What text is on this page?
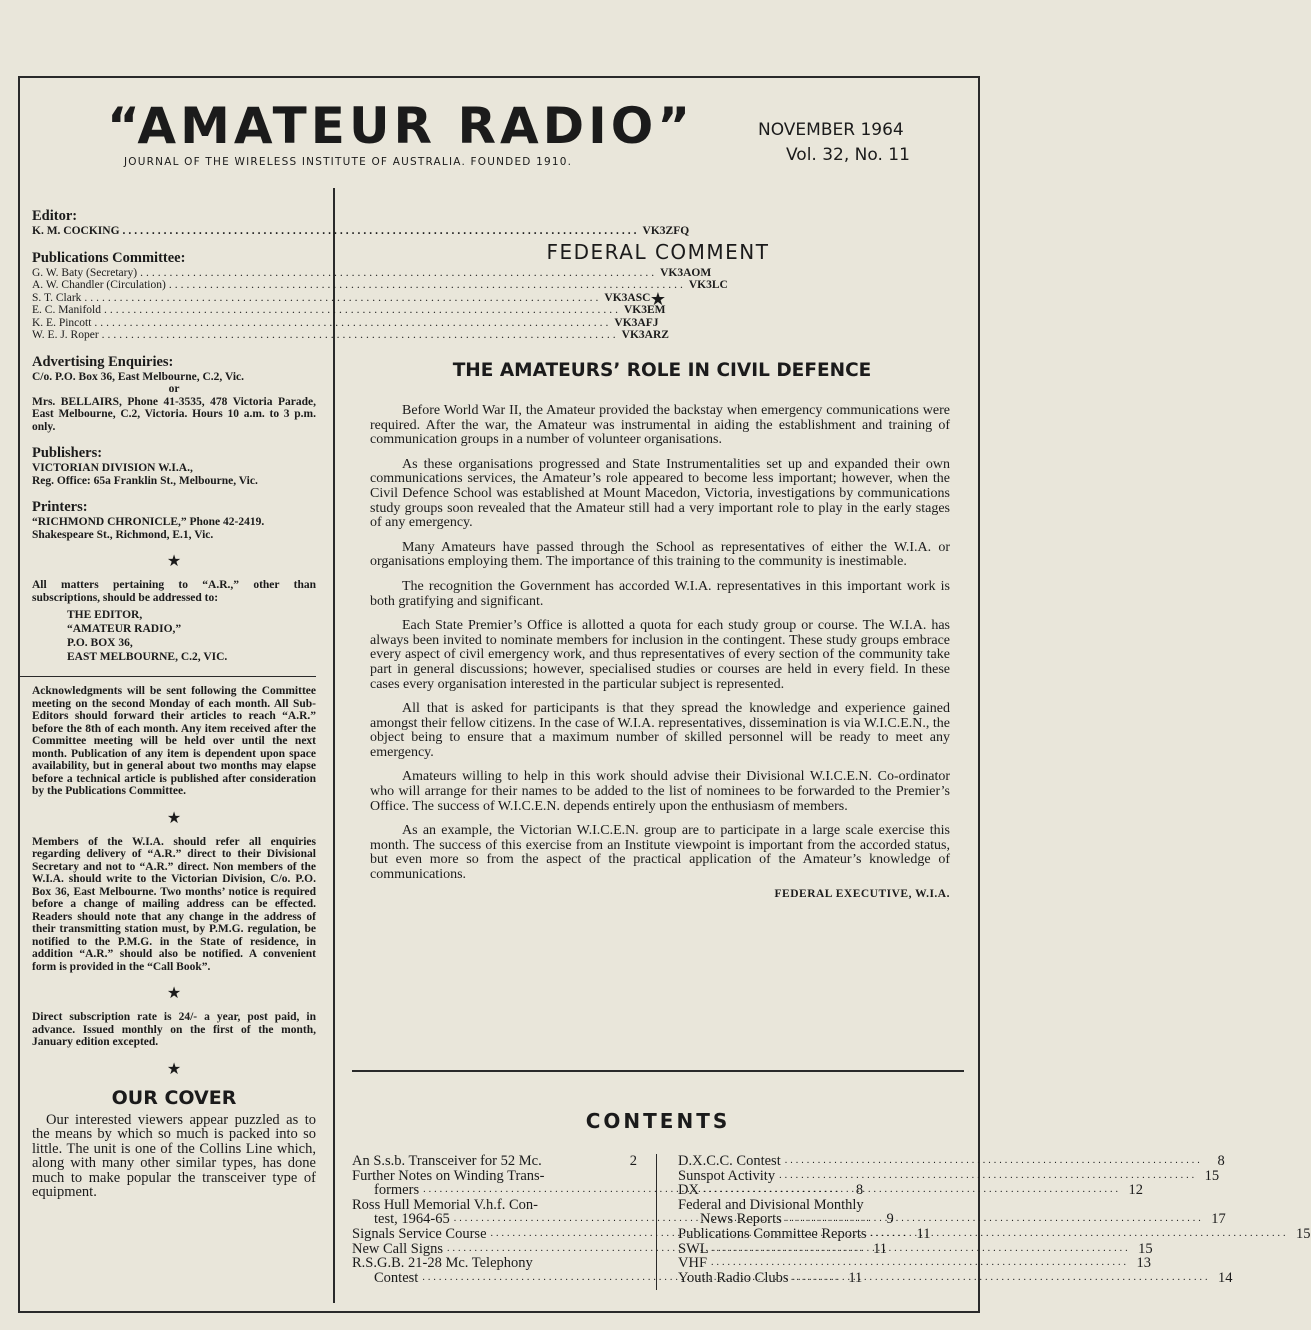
“AMATEUR RADIO”
JOURNAL OF THE WIRELESS INSTITUTE OF AUSTRALIA. FOUNDED 1910.
NOVEMBER 1964
Vol. 32, No. 11
Editor:
K. M. COCKING .....	VK3ZFQ
Publications Committee:
G. W. Baty (Secretary) .....	VK3AOM
A. W. Chandler (Circulation) .....	VK3LC
S. T. Clark .....	VK3ASC
E. C. Manifold .....	VK3EM
K. E. Pincott .....	VK3AFJ
W. E. J. Roper .....	VK3ARZ
Advertising Enquiries:

C/o. P.O. Box 36, East Melbourne, C.2, Vic.

or

Mrs. BELLAIRS, Phone 41-3535, 478 Victoria Parade, East Melbourne, C.2, Victoria. Hours 10 a.m. to 3 p.m. only.

Publishers:

VICTORIAN DIVISION W.I.A.,

Reg. Office: 65a Franklin St., Melbourne, Vic.

Printers:

“RICHMOND CHRONICLE,” Phone 42-2419.

Shakespeare St., Richmond, E.1, Vic.

★

All matters pertaining to “A.R.,” other than subscriptions, should be addressed to:

THE EDITOR,
“AMATEUR RADIO,”
P.O. BOX 36,
EAST MELBOURNE, C.2, VIC.

Acknowledgments will be sent following the Committee meeting on the second Monday of each month. All Sub-Editors should forward their articles to reach “A.R.” before the 8th of each month. Any item received after the Committee meeting will be held over until the next month. Publication of any item is dependent upon space availability, but in general about two months may elapse before a technical article is published after consideration by the Publications Committee.

★

Members of the W.I.A. should refer all enquiries regarding delivery of “A.R.” direct to their Divisional Secretary and not to “A.R.” direct. Non members of the W.I.A. should write to the Victorian Division, C/o. P.O. Box 36, East Melbourne. Two months’ notice is required before a change of mailing address can be effected. Readers should note that any change in the address of their transmitting station must, by P.M.G. regulation, be notified to the P.M.G. in the State of residence, in addition “A.R.” should also be notified. A convenient form is provided in the “Call Book”.

★

Direct subscription rate is 24/- a year, post paid, in advance. Issued monthly on the first of the month, January edition excepted.

★
OUR COVER

Our interested viewers appear puzzled as to the means by which so much is packed into so little. The unit is one of the Collins Line which, along with many other similar types, has done much to make popular the transceiver type of equipment.

FEDERAL COMMENT
★
THE AMATEURS’ ROLE IN CIVIL DEFENCE

Before World War II, the Amateur provided the backstay when emergency communications were required. After the war, the Amateur was instrumental in aiding the establishment and training of communication groups in a number of volunteer organisations.

As these organisations progressed and State Instrumentalities set up and expanded their own communications services, the Amateur’s role appeared to become less important; however, when the Civil Defence School was established at Mount Macedon, Victoria, investigations by communications study groups soon revealed that the Amateur still had a very important role to play in the early stages of any emergency.

Many Amateurs have passed through the School as representatives of either the W.I.A. or organisations employing them. The importance of this training to the community is inestimable.

The recognition the Government has accorded W.I.A. representatives in this important work is both gratifying and significant.

Each State Premier’s Office is allotted a quota for each study group or course. The W.I.A. has always been invited to nominate members for inclusion in the contingent. These study groups embrace every aspect of civil emergency work, and thus representatives of every section of the community take part in general discussions; however, specialised studies or courses are held in every field. In these cases every organisation interested in the particular subject is represented.

All that is asked for participants is that they spread the knowledge and experience gained amongst their fellow citizens. In the case of W.I.A. representatives, dissemination is via W.I.C.E.N., the object being to ensure that a maximum number of skilled personnel will be ready to meet any emergency.

Amateurs willing to help in this work should advise their Divisional W.I.C.E.N. Co-ordinator who will arrange for their names to be added to the list of nominees to be forwarded to the Premier’s Office. The success of W.I.C.E.N. depends entirely upon the enthusiasm of members.

As an example, the Victorian W.I.C.E.N. group are to participate in a large scale exercise this month. The success of this exercise from an Institute viewpoint is important from the accorded status, but even more so from the aspect of the practical application of the Amateur’s knowledge of communications.

FEDERAL EXECUTIVE, W.I.A.
CONTENTS
An S.s.b. Transceiver for 52 Mc.	2
Further Notes on Winding Trans-
formers .....	8
Ross Hull Memorial V.h.f. Con-
test, 1964-65 .....	9
Signals Service Course .....	11
New Call Signs .....	11
R.S.G.B. 21-28 Mc. Telephony
Contest .....	11
D.X.C.C. Contest .....	8
Sunspot Activity .....	15
DX .....	12
Federal and Divisional Monthly
News Reports .....	17
Publications Committee Reports .....	15
SWL .....	15
VHF .....	13
Youth Radio Clubs .....	14
